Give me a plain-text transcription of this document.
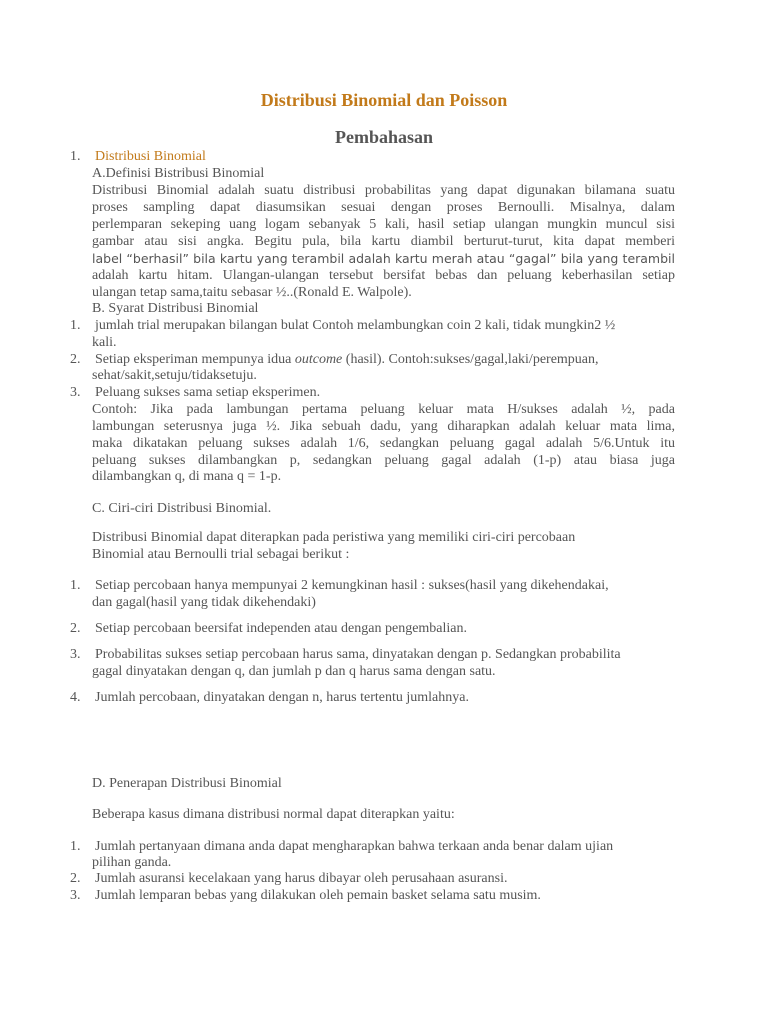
Distribusi Binomial dan Poisson
Pembahasan
1. Distribusi Binomial
A.Definisi Bistribusi Binomial
Distribusi Binomial adalah suatu distribusi probabilitas yang dapat digunakan bilamana suatu
proses sampling dapat diasumsikan sesuai dengan proses Bernoulli. Misalnya, dalam
perlemparan sekeping uang logam sebanyak 5 kali, hasil setiap ulangan mungkin muncul sisi
gambar atau sisi angka. Begitu pula, bila kartu diambil berturut-turut, kita dapat memberi
label “berhasil” bila kartu yang terambil adalah kartu merah atau “gagal” bila yang terambil
adalah kartu hitam. Ulangan-ulangan tersebut bersifat bebas dan peluang keberhasilan setiap
ulangan tetap sama,taitu sebasar ½..(Ronald E. Walpole).
B. Syarat Distribusi Binomial
1. jumlah trial merupakan bilangan bulat Contoh melambungkan coin 2 kali, tidak mungkin2 ½
kali.
2. Setiap eksperiman mempunya idua outcome (hasil). Contoh:sukses/gagal,laki/perempuan,
sehat/sakit,setuju/tidaksetuju.
3. Peluang sukses sama setiap eksperimen.
Contoh: Jika pada lambungan pertama peluang keluar mata H/sukses adalah ½, pada
lambungan seterusnya juga ½. Jika sebuah dadu, yang diharapkan adalah keluar mata lima,
maka dikatakan peluang sukses adalah 1/6, sedangkan peluang gagal adalah 5/6.Untuk itu
peluang sukses dilambangkan p, sedangkan peluang gagal adalah (1-p) atau biasa juga
dilambangkan q, di mana q = 1-p.
C. Ciri-ciri Distribusi Binomial.
Distribusi Binomial dapat diterapkan pada peristiwa yang memiliki ciri-ciri percobaan
Binomial atau Bernoulli trial sebagai berikut :
1. Setiap percobaan hanya mempunyai 2 kemungkinan hasil : sukses(hasil yang dikehendakai,
dan gagal(hasil yang tidak dikehendaki)
2. Setiap percobaan beersifat independen atau dengan pengembalian.
3. Probabilitas sukses setiap percobaan harus sama, dinyatakan dengan p. Sedangkan probabilita
gagal dinyatakan dengan q, dan jumlah p dan q harus sama dengan satu.
4. Jumlah percobaan, dinyatakan dengan n, harus tertentu jumlahnya.
D. Penerapan Distribusi Binomial
Beberapa kasus dimana distribusi normal dapat diterapkan yaitu:
1. Jumlah pertanyaan dimana anda dapat mengharapkan bahwa terkaan anda benar dalam ujian
pilihan ganda.
2. Jumlah asuransi kecelakaan yang harus dibayar oleh perusahaan asuransi.
3. Jumlah lemparan bebas yang dilakukan oleh pemain basket selama satu musim.
